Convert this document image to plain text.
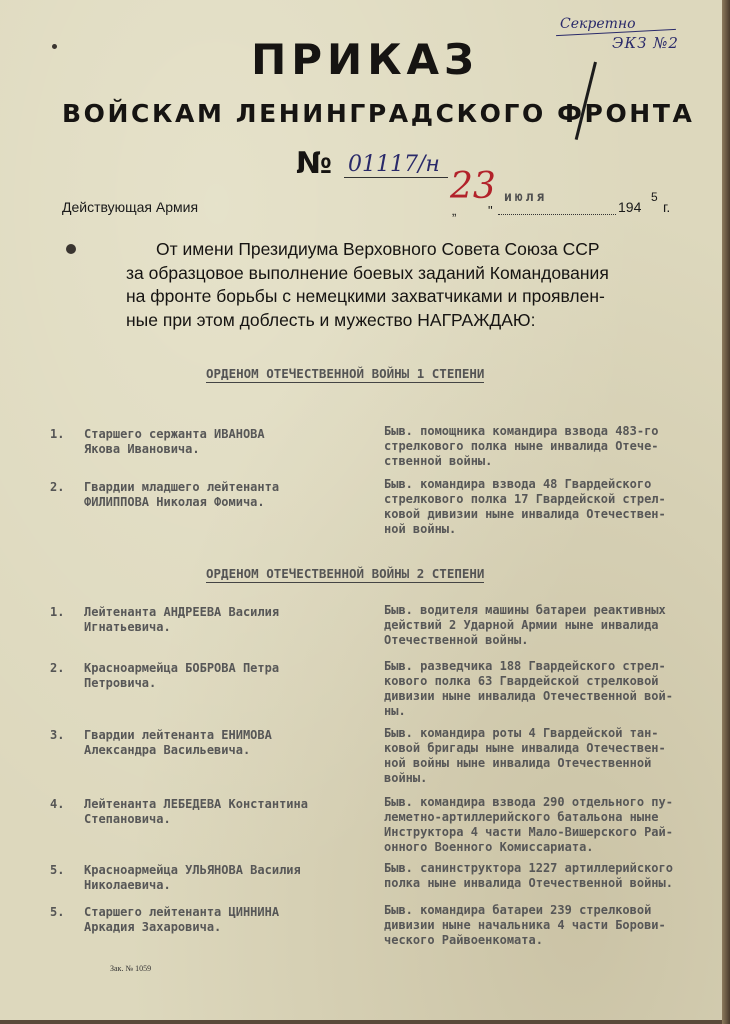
Секретно
ЭКЗ №2
ПРИКАЗ
ВОЙСКАМ ЛЕНИНГРАДСКОГО ФРОНТА
№ 01117/н
Действующая Армия	23
„ "
июля
194
5
г.
От имени Президиума Верховного Совета Союза ССР
за образцовое выполнение боевых заданий Командования
на фронте борьбы с немецкими захватчиками и проявлен-
ные при этом доблесть и мужество НАГРАЖДАЮ:
ОРДЕНОМ ОТЕЧЕСТВЕННОЙ ВОЙНЫ 1 СТЕПЕНИ
1. Старшего сержанта ИВАНОВА
Якова Ивановича.
Быв. помощника командира взвода 483-го
стрелкового полка ныне инвалида Отече-
ственной войны.
2. Гвардии младшего лейтенанта
ФИЛИППОВА Николая Фомича.
Быв. командира взвода 48 Гвардейского
стрелкового полка 17 Гвардейской стрел-
ковой дивизии ныне инвалида Отечествен-
ной войны.
ОРДЕНОМ ОТЕЧЕСТВЕННОЙ ВОЙНЫ 2 СТЕПЕНИ
1. Лейтенанта АНДРЕЕВА Василия
Игнатьевича.
Быв. водителя машины батареи реактивных
действий 2 Ударной Армии ныне инвалида
Отечественной войны.
2. Красноармейца БОБРОВА Петра
Петровича.
Быв. разведчика 188 Гвардейского стрел-
кового полка 63 Гвардейской стрелковой
дивизии ныне инвалида Отечественной вой-
ны.
3. Гвардии лейтенанта ЕНИМОВА
Александра Васильевича.
Быв. командира роты 4 Гвардейской тан-
ковой бригады ныне инвалида Отечествен-
ной войны ныне инвалида Отечественной
войны.
4. Лейтенанта ЛЕБЕДЕВА Константина
Степановича.
Быв. командира взвода 290 отдельного пу-
леметно-артиллерийского батальона ныне
Инструктора 4 части Мало-Вишерского Рай-
онного Военного Комиссариата.
5. Красноармейца УЛЬЯНОВА Василия
Николаевича.
Быв. санинструктора 1227 артиллерийского
полка ныне инвалида Отечественной войны.
5. Старшего лейтенанта ЦИННИНА
Аркадия Захаровича.
Быв. командира батареи 239 стрелковой
дивизии ныне начальника 4 части Борови-
ческого Райвоенкомата.
Зак. № 1059
